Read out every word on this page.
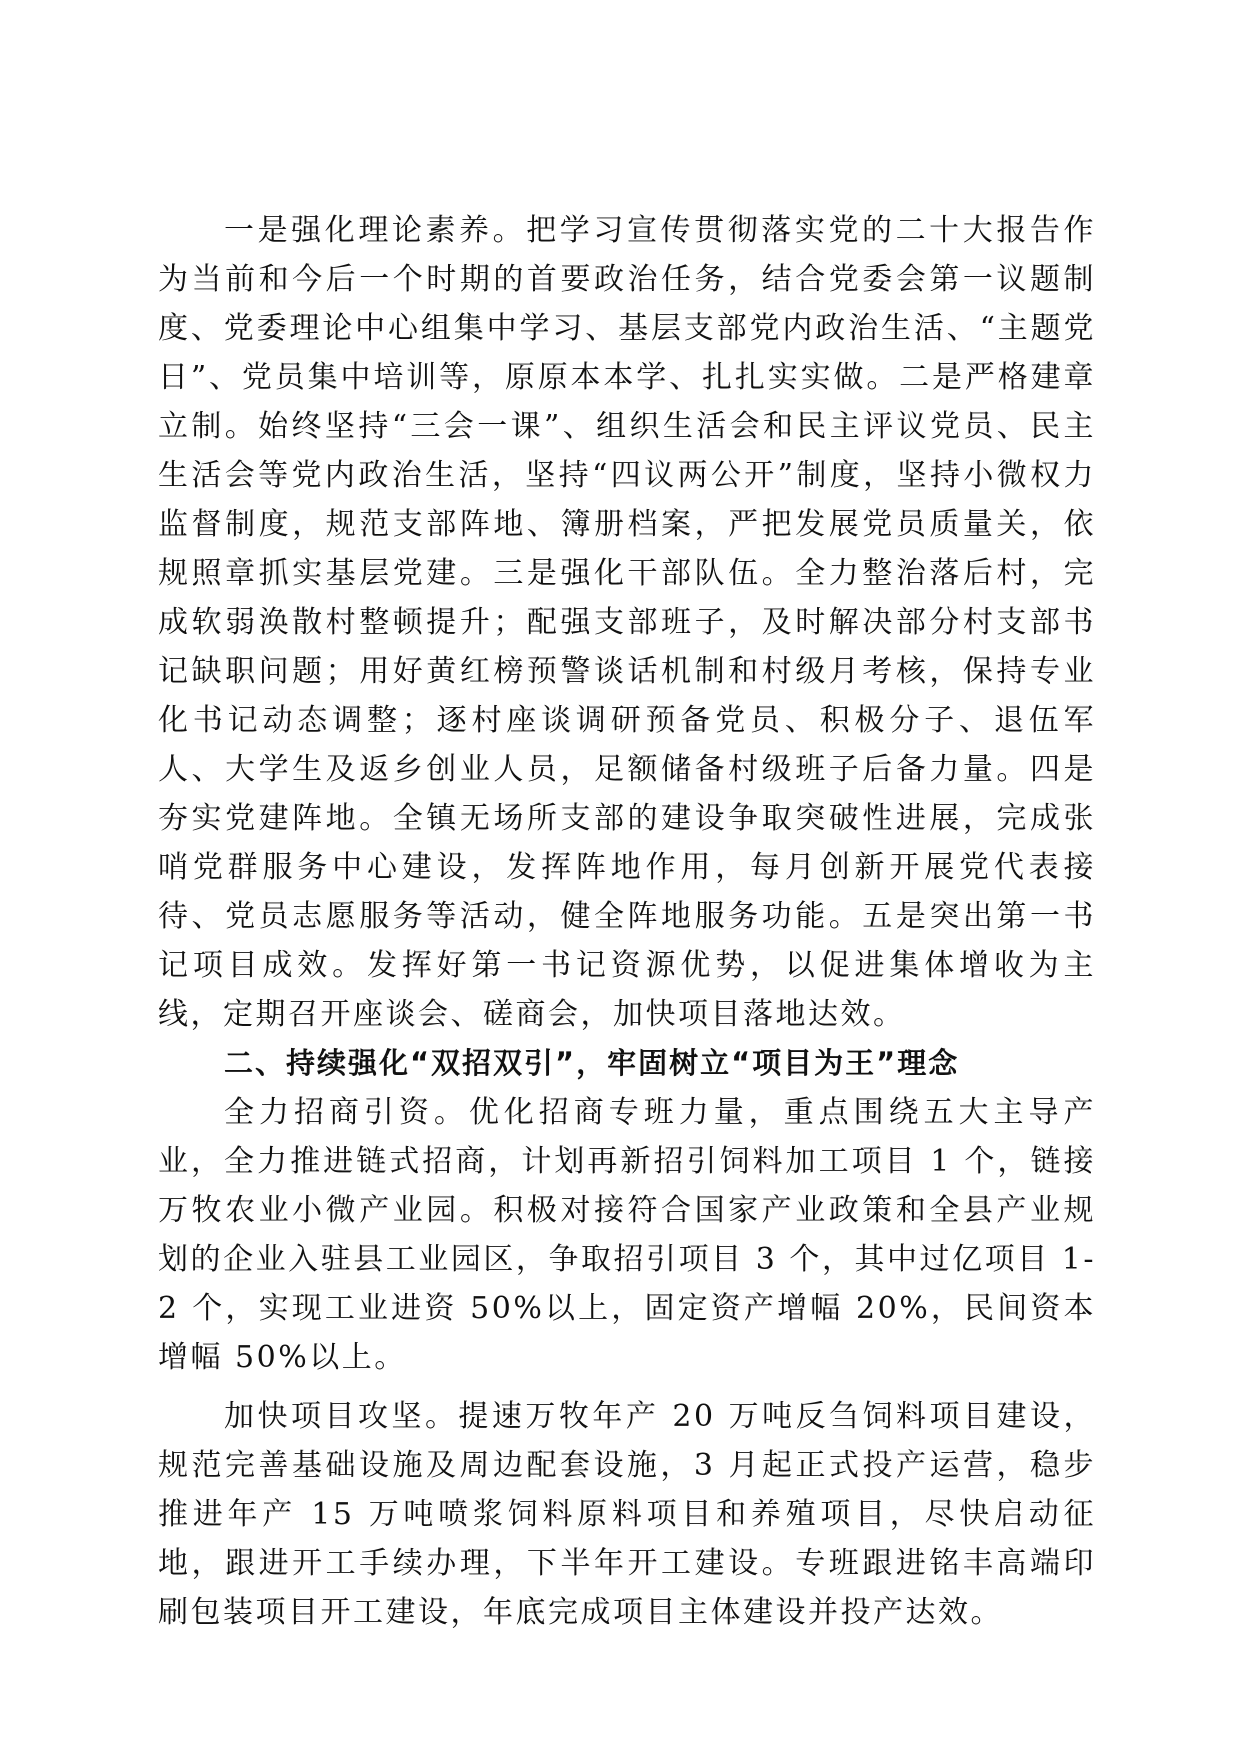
一是强化理论素养。把学习宣传贯彻落实党的二十大报告作为当前和今后一个时期的首要政治任务，结合党委会第一议题制度、党委理论中心组集中学习、基层支部党内政治生活、“主题党日”、党员集中培训等，原原本本学、扎扎实实做。二是严格建章立制。始终坚持“三会一课”、组织生活会和民主评议党员、民主生活会等党内政治生活，坚持“四议两公开”制度，坚持小微权力监督制度，规范支部阵地、簿册档案，严把发展党员质量关，依规照章抓实基层党建。三是强化干部队伍。全力整治落后村，完成软弱涣散村整顿提升；配强支部班子，及时解决部分村支部书记缺职问题；用好黄红榜预警谈话机制和村级月考核，保持专业化书记动态调整；逐村座谈调研预备党员、积极分子、退伍军人、大学生及返乡创业人员，足额储备村级班子后备力量。四是夯实党建阵地。全镇无场所支部的建设争取突破性进展，完成张哨党群服务中心建设，发挥阵地作用，每月创新开展党代表接待、党员志愿服务等活动，健全阵地服务功能。五是突出第一书记项目成效。发挥好第一书记资源优势，以促进集体增收为主线，定期召开座谈会、磋商会，加快项目落地达效。

二、持续强化“双招双引”，牢固树立“项目为王”理念

全力招商引资。优化招商专班力量，重点围绕五大主导产业，全力推进链式招商，计划再新招引饲料加工项目 1 个，链接万牧农业小微产业园。积极对接符合国家产业政策和全县产业规划的企业入驻县工业园区，争取招引项目 3 个，其中过亿项目 1-2 个，实现工业进资 50%以上，固定资产增幅 20%，民间资本增幅 50%以上。

加快项目攻坚。提速万牧年产 20 万吨反刍饲料项目建设，规范完善基础设施及周边配套设施，3 月起正式投产运营，稳步推进年产 15 万吨喷浆饲料原料项目和养殖项目，尽快启动征地，跟进开工手续办理，下半年开工建设。专班跟进铭丰高端印刷包装项目开工建设，年底完成项目主体建设并投产达效。
